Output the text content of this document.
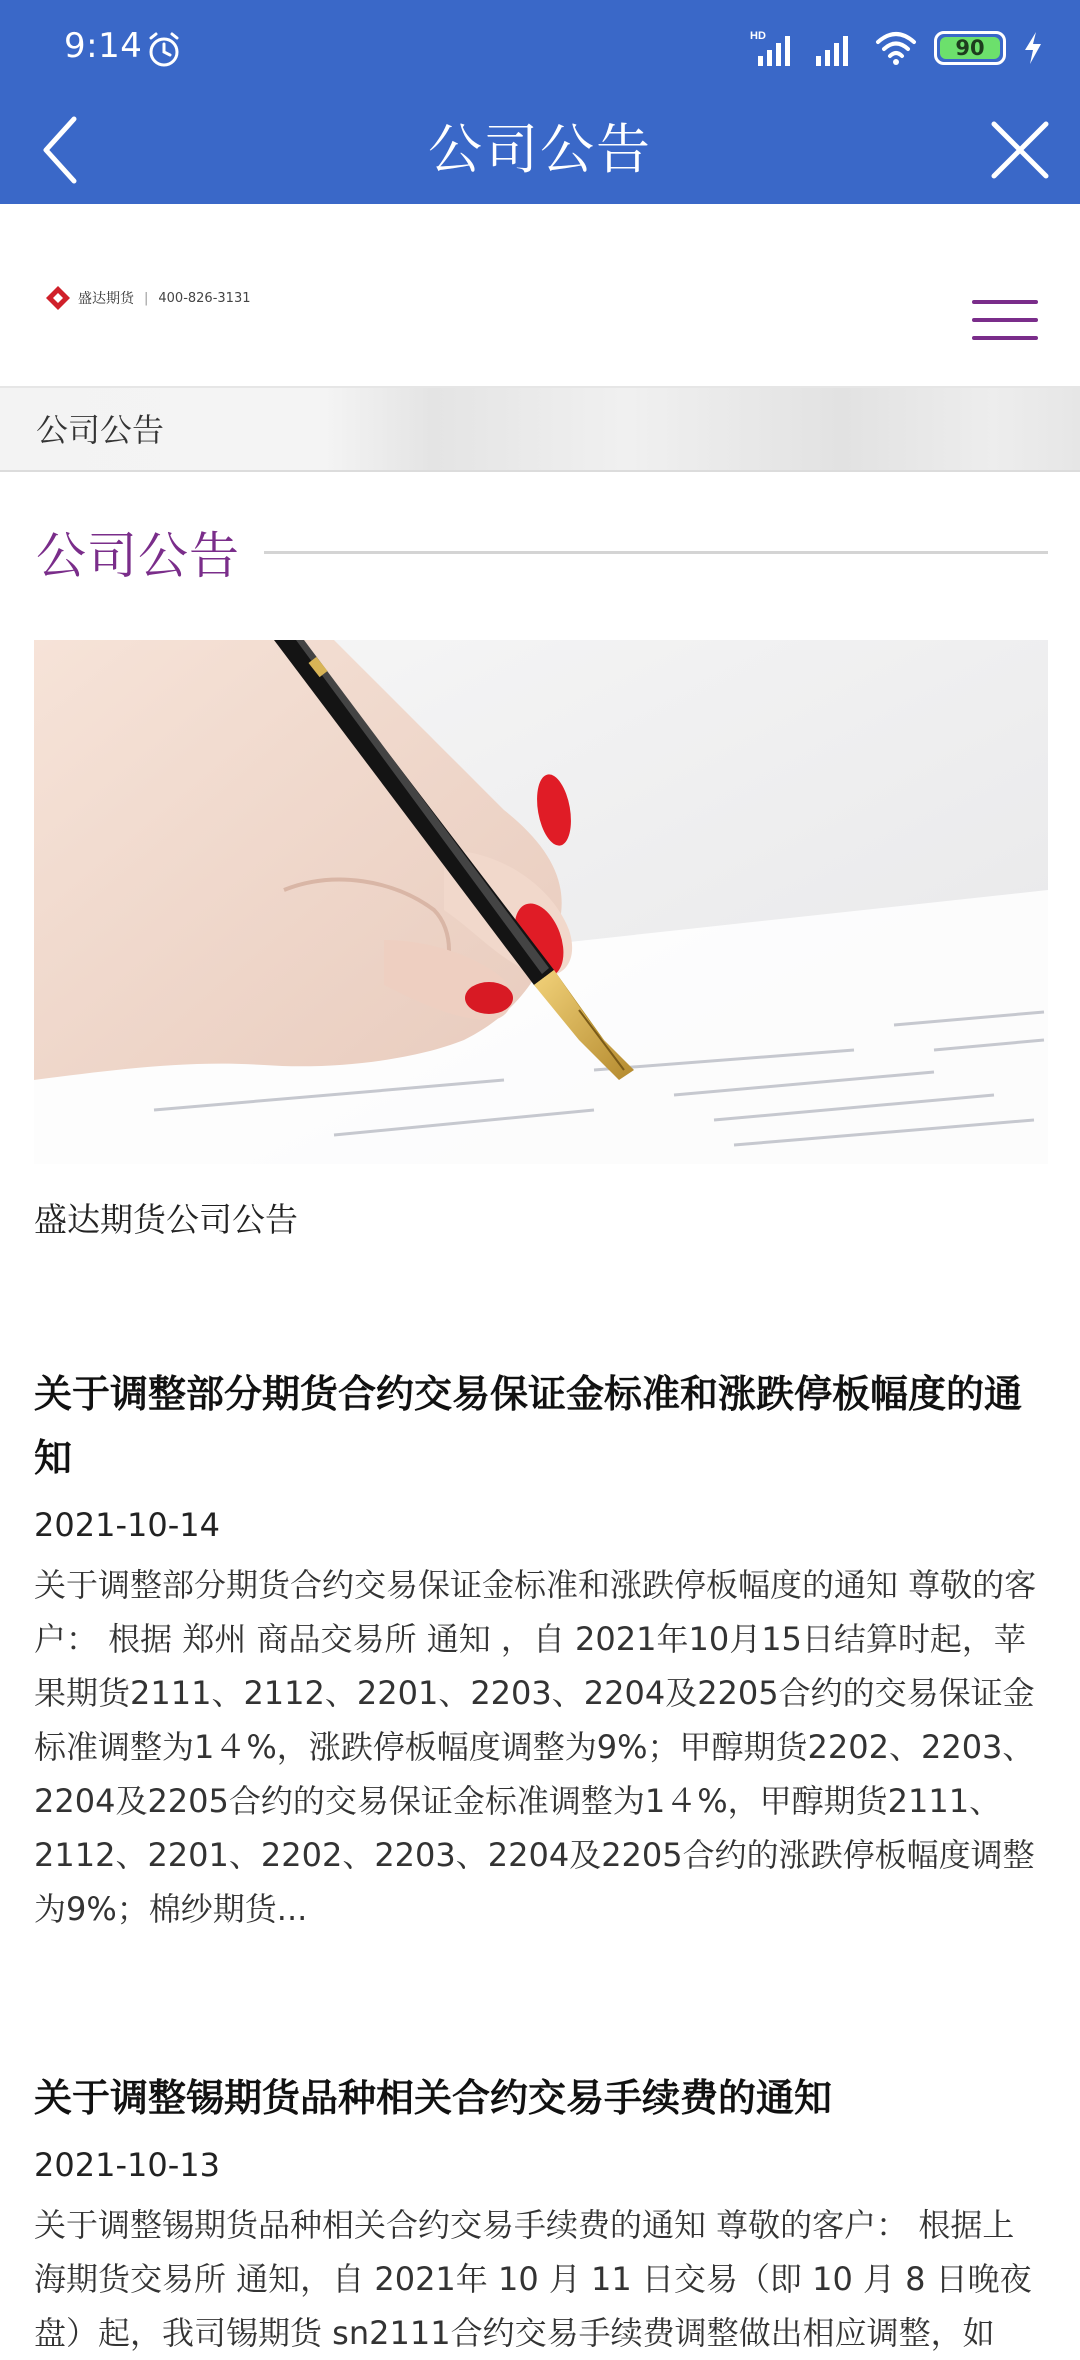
9:14	HD	90
公司公告
盛达期货 | 400-826-3131
公司公告
公司公告
盛达期货公司公告
关于调整部分期货合约交易保证金标准和涨跌停板幅度的通知
2021-10-14
关于调整部分期货合约交易保证金标准和涨跌停板幅度的通知 尊敬的客户： 根据 郑州 商品交易所 通知 ，自 2021年10月15日结算时起，苹果期货2111、2112、2201、2203、2204及2205合约的交易保证金标准调整为1４%，涨跌停板幅度调整为9%；甲醇期货2202、2203、2204及2205合约的交易保证金标准调整为1４%，甲醇期货2111、2112、2201、2202、2203、2204及2205合约的涨跌停板幅度调整为9%；棉纱期货...
关于调整锡期货品种相关合约交易手续费的通知
2021-10-13
关于调整锡期货品种相关合约交易手续费的通知 尊敬的客户： 根据上海期货交易所 通知，自 2021年 10 月 11 日交易（即 10 月 8 日晚夜盘）起，我司锡期货 sn2111合约交易手续费调整做出相应调整，如
